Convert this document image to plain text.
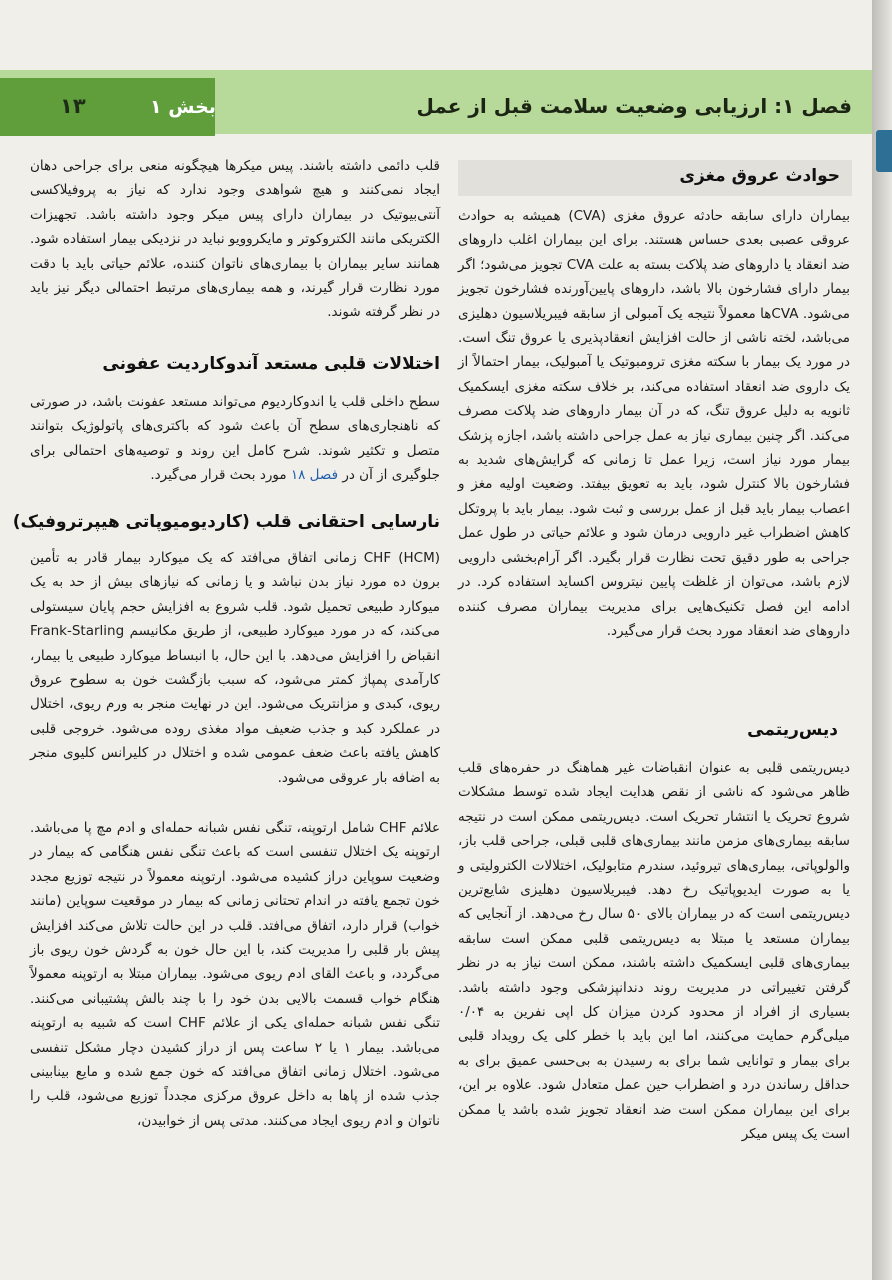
۱۳	بخش ۱	فصل ۱: ارزیابی وضعیت سلامت قبل از عمل
حوادث عروق مغزی

بیماران دارای سابقه حادثه عروق مغزی (CVA) همیشه به حوادث عروقی عصبی بعدی حساس هستند. برای این بیماران اغلب داروهای ضد انعقاد یا داروهای ضد پلاکت بسته به علت CVA تجویز می‌شود؛ اگر بیمار دارای فشارخون بالا باشد، داروهای پایین‌آورنده فشارخون تجویز می‌شود. CVAها معمولاً نتیجه یک آمبولی از سابقه فیبریلاسیون دهلیزی می‌باشد، لخته ناشی از حالت افزایش انعقادپذیری یا عروق تنگ است. در مورد یک بیمار با سکته مغزی ترومبوتیک یا آمبولیک، بیمار احتمالاً از یک داروی ضد انعقاد استفاده می‌کند، بر خلاف سکته مغزی ایسکمیک ثانویه به دلیل عروق تنگ، که در آن بیمار داروهای ضد پلاکت مصرف می‌کند. اگر چنین بیماری نیاز به عمل جراحی داشته باشد، اجازه پزشک بیمار مورد نیاز است، زیرا عمل تا زمانی که گرایش‌های شدید به فشارخون بالا کنترل شود، باید به تعویق بیفتد. وضعیت اولیه مغز و اعصاب بیمار باید قبل از عمل بررسی و ثبت شود. بیمار باید با پروتکل کاهش اضطراب غیر دارویی درمان شود و علائم حیاتی در طول عمل جراحی به طور دقیق تحت نظارت قرار بگیرد. اگر آرام‌بخشی دارویی لازم باشد، می‌توان از غلظت پایین نیتروس اکساید استفاده کرد. در ادامه این فصل تکنیک‌هایی برای مدیریت بیماران مصرف کننده داروهای ضد انعقاد مورد بحث قرار می‌گیرد.

دیس‌ریتمی

دیس‌ریتمی قلبی به عنوان انقباضات غیر هماهنگ در حفره‌های قلب ظاهر می‌شود که ناشی از نقص هدایت ایجاد شده توسط مشکلات شروع تحریک یا انتشار تحریک است. دیس‌ریتمی ممکن است در نتیجه سابقه بیماری‌های مزمن مانند بیماری‌های قلبی قبلی، جراحی قلب باز، والولوپاتی، بیماری‌های تیروئید، سندرم متابولیک، اختلالات الکترولیتی و یا به صورت ایدیوپاتیک رخ دهد. فیبریلاسیون دهلیزی شایع‌ترین دیس‌ریتمی است که در بیماران بالای ۵۰ سال رخ می‌دهد. از آنجایی که بیماران مستعد یا مبتلا به دیس‌ریتمی قلبی ممکن است سابقه بیماری‌های قلبی ایسکمیک داشته باشند، ممکن است نیاز به در نظر گرفتن تغییراتی در مدیریت روند دندانپزشکی وجود داشته باشد. بسیاری از افراد از محدود کردن میزان کل اپی نفرین به ۰/۰۴ میلی‌گرم حمایت می‌کنند، اما این باید با خطر کلی یک رویداد قلبی برای بیمار و توانایی شما برای به رسیدن به بی‌حسی عمیق برای به حداقل رساندن درد و اضطراب حین عمل متعادل شود. علاوه بر این، برای این بیماران ممکن است ضد انعقاد تجویز شده باشد یا ممکن است یک پیس میکر

قلب دائمی داشته باشند. پیس میکرها هیچگونه منعی برای جراحی دهان ایجاد نمی‌کنند و هیچ شواهدی وجود ندارد که نیاز به پروفیلاکسی آنتی‌بیوتیک در بیماران دارای پیس میکر وجود داشته باشد. تجهیزات الکتریکی مانند الکتروکوتر و مایکروویو نباید در نزدیکی بیمار استفاده شود. همانند سایر بیماران با بیماری‌های ناتوان کننده، علائم حیاتی باید با دقت مورد نظارت قرار گیرند، و همه بیماری‌های مرتبط احتمالی دیگر نیز باید در نظر گرفته شوند.

اختلالات قلبی مستعد آندوکاردیت عفونی

سطح داخلی قلب یا اندوکاردیوم می‌تواند مستعد عفونت باشد، در صورتی که ناهنجاری‌های سطح آن باعث شود که باکتری‌های پاتولوژیک بتوانند متصل و تکثیر شوند. شرح کامل این روند و توصیه‌های احتمالی برای جلوگیری از آن در فصل ۱۸ مورد بحث قرار می‌گیرد.

نارسایی احتقانی قلب (کاردیومیوپاتی هیپرتروفیک)

CHF (HCM) زمانی اتفاق می‌افتد که یک میوکارد بیمار قادر به تأمین برون ده مورد نیاز بدن نباشد و یا زمانی که نیازهای بیش از حد به یک میوکارد طبیعی تحمیل شود. قلب شروع به افزایش حجم پایان سیستولی می‌کند، که در مورد میوکارد طبیعی، از طریق مکانیسم Frank-Starling انقباض را افزایش می‌دهد. با این حال، با انبساط میوکارد طبیعی یا بیمار، کارآمدی پمپاژ کمتر می‌شود، که سبب بازگشت خون به سطوح عروق ریوی، کبدی و مزانتریک می‌شود. این در نهایت منجر به ورم ریوی، اختلال در عملکرد کبد و جذب ضعیف مواد مغذی روده می‌شود. خروجی قلبی کاهش یافته باعث ضعف عمومی شده و اختلال در کلیرانس کلیوی منجر به اضافه بار عروقی می‌شود.

علائم CHF شامل ارتوپنه، تنگی نفس شبانه حمله‌ای و ادم مچ پا می‌باشد. ارتوپنه یک اختلال تنفسی است که باعث تنگی نفس هنگامی که بیمار در وضعیت سوپاین دراز کشیده می‌شود. ارتوپنه معمولاً در نتیجه توزیع مجدد خون تجمع یافته در اندام تحتانی زمانی که بیمار در موقعیت سوپاین (مانند خواب) قرار دارد، اتفاق می‌افتد. قلب در این حالت تلاش می‌کند افزایش پیش بار قلبی را مدیریت کند، با این حال خون به گردش خون ریوی باز می‌گردد، و باعث القای ادم ریوی می‌شود. بیماران مبتلا به ارتوپنه معمولاً هنگام خواب قسمت بالایی بدن خود را با چند بالش پشتیبانی می‌کنند. تنگی نفس شبانه حمله‌ای یکی از علائم CHF است که شبیه به ارتوپنه می‌باشد. بیمار ۱ یا ۲ ساعت پس از دراز کشیدن دچار مشکل تنفسی می‌شود. اختلال زمانی اتفاق می‌افتد که خون جمع شده و مایع بینابینی جذب شده از پاها به داخل عروق مرکزی مجدداً توزیع می‌شود، قلب را ناتوان و ادم ریوی ایجاد می‌کنند. مدتی پس از خوابیدن،
